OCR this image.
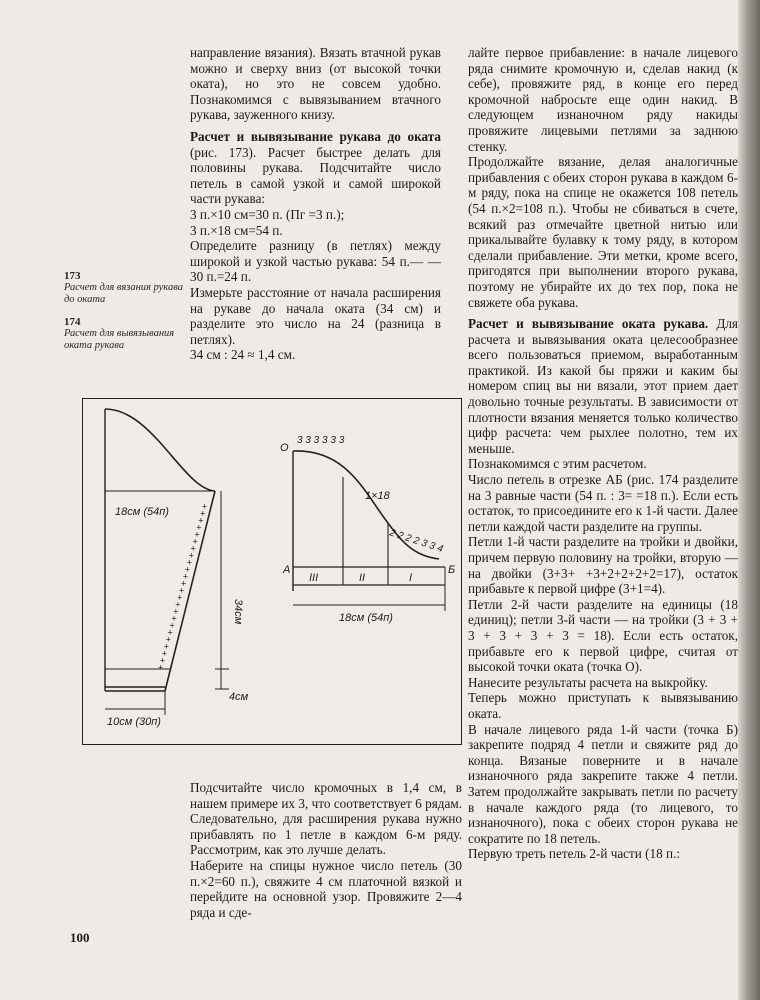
173
Расчет для вязания рукава до оката
174
Расчет для вывязывания оката рукава

направление вязания). Вязать втачной рукав можно и сверху вниз (от высокой точки оката), но это не совсем удобно. Познакомимся с вывязыванием втачного рукава, зауженного книзу.

Расчет и вывязывание рукава до оката (рис. 173). Расчет быстрее делать для половины рукава. Подсчитайте число петель в самой узкой и самой широкой части рукава:

3 п.×10 см=30 п. (Пг =3 п.);

3 п.×18 см=54 п.

Определите разницу (в петлях) между широкой и узкой частью рукава: 54 п.— —30 п.=24 п.

Измерьте расстояние от начала расширения на рукаве до начала оката (34 см) и разделите это число на 24 (разница в петлях).

34 см : 24 ≈ 1,4 см.

+
+
+
+
+
+
+
+
+
+
+
+
+
+
+
+
+
+
+
+
+
+
+
+
18см (54п)
34см
4см
10см (30п)
О
3 3 3 3 3 3
1×18
2 2 2 2 3 3 4
А	Б
III	II	I
18см (54п)

Подсчитайте число кромочных в 1,4 см, в нашем примере их 3, что соответствует 6 рядам. Следовательно, для расширения рукава нужно прибавлять по 1 петле в каждом 6-м ряду. Рассмотрим, как это лучше делать.

Наберите на спицы нужное число петель (30 п.×2=60 п.), свяжите 4 см платочной вязкой и перейдите на основной узор. Провяжите 2—4 ряда и сде-

лайте первое прибавление: в начале лицевого ряда снимите кромочную и, сделав накид (к себе), провяжите ряд, в конце его перед кромочной набросьте еще один накид. В следующем изнаночном ряду накиды провяжите лицевыми петлями за заднюю стенку.

Продолжайте вязание, делая аналогичные прибавления с обеих сторон рукава в каждом 6-м ряду, пока на спице не окажется 108 петель (54 п.×2=108 п.). Чтобы не сбиваться в счете, всякий раз отмечайте цветной нитью или прикалывайте булавку к тому ряду, в котором сделали прибавление. Эти метки, кроме всего, пригодятся при выполнении второго рукава, поэтому не убирайте их до тех пор, пока не свяжете оба рукава.

Расчет и вывязывание оката рукава. Для расчета и вывязывания оката целесообразнее всего пользоваться приемом, выработанным практикой. Из какой бы пряжи и каким бы номером спиц вы ни вязали, этот прием дает довольно точные результаты. В зависимости от плотности вязания меняется только количество цифр расчета: чем рыхлее полотно, тем их меньше.

Познакомимся с этим расчетом.

Число петель в отрезке АБ (рис. 174 разделите на 3 равные части (54 п. : 3= =18 п.). Если есть остаток, то присоедините его к 1-й части. Далее петли каждой части разделите на группы.

Петли 1-й части разделите на тройки и двойки, причем первую половину на тройки, вторую — на двойки (3+3+ +3+2+2+2+2=17), остаток прибавьте к первой цифре (3+1=4).

Петли 2-й части разделите на единицы (18 единиц); петли 3-й части — на тройки (3 + 3 + 3 + 3 + 3 + 3 = 18). Если есть остаток, прибавьте его к первой цифре, считая от высокой точки оката (точка О).

Нанесите результаты расчета на выкройку.

Теперь можно приступать к вывязыванию оката.

В начале лицевого ряда 1-й части (точка Б) закрепите подряд 4 петли и свяжите ряд до конца. Вязаные поверните и в начале изнаночного ряда закрепите также 4 петли. Затем продолжайте закрывать петли по расчету в начале каждого ряда (то лицевого, то изнаночного), пока с обеих сторон рукава не сократите по 18 петель.

Первую треть петель 2-й части (18 п.:

100
